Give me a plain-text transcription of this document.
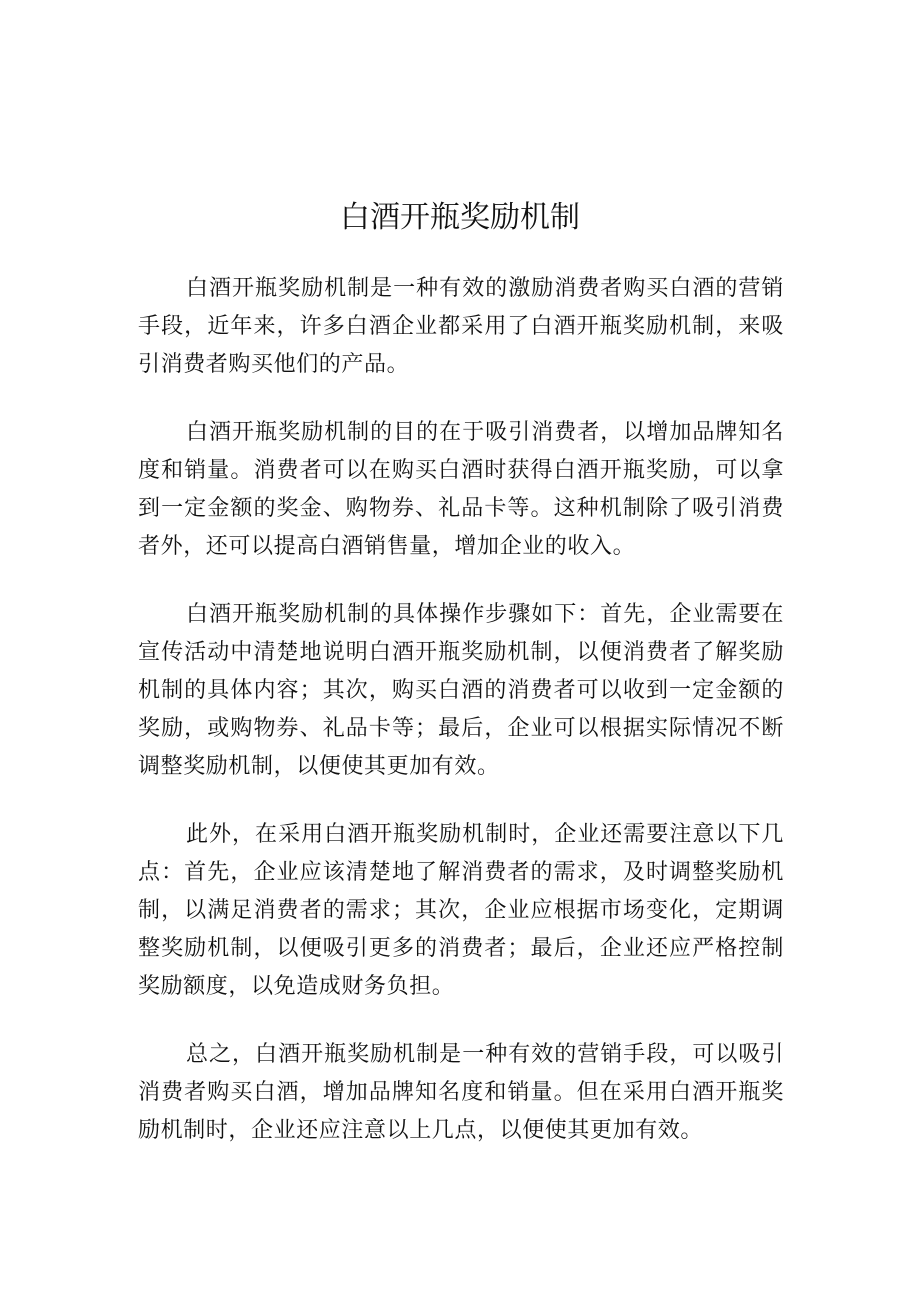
白酒开瓶奖励机制

白酒开瓶奖励机制是一种有效的激励消费者购买白酒的营销手段，近年来，许多白酒企业都采用了白酒开瓶奖励机制，来吸引消费者购买他们的产品。

白酒开瓶奖励机制的目的在于吸引消费者，以增加品牌知名度和销量。消费者可以在购买白酒时获得白酒开瓶奖励，可以拿到一定金额的奖金、购物券、礼品卡等。这种机制除了吸引消费者外，还可以提高白酒销售量，增加企业的收入。

白酒开瓶奖励机制的具体操作步骤如下：首先，企业需要在宣传活动中清楚地说明白酒开瓶奖励机制，以便消费者了解奖励机制的具体内容；其次，购买白酒的消费者可以收到一定金额的奖励，或购物券、礼品卡等；最后，企业可以根据实际情况不断调整奖励机制，以便使其更加有效。

此外，在采用白酒开瓶奖励机制时，企业还需要注意以下几点：首先，企业应该清楚地了解消费者的需求，及时调整奖励机制，以满足消费者的需求；其次，企业应根据市场变化，定期调整奖励机制，以便吸引更多的消费者；最后，企业还应严格控制奖励额度，以免造成财务负担。

总之，白酒开瓶奖励机制是一种有效的营销手段，可以吸引消费者购买白酒，增加品牌知名度和销量。但在采用白酒开瓶奖励机制时，企业还应注意以上几点，以便使其更加有效。
